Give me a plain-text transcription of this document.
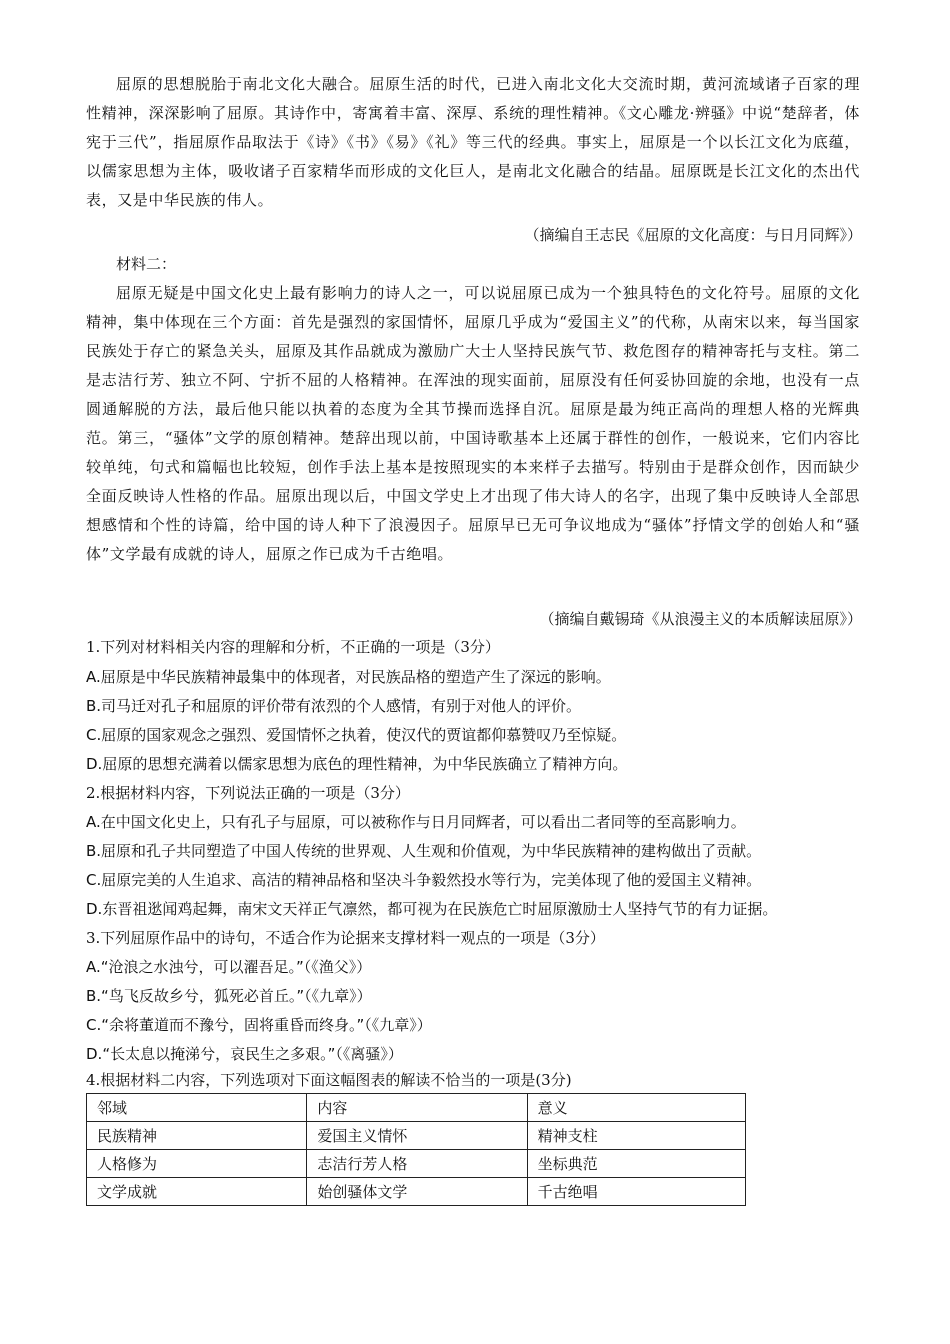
屈原的思想脱胎于南北文化大融合。屈原生活的时代，已进入南北文化大交流时期，黄河流域诸子百家的理性精神，深深影响了屈原。其诗作中，寄寓着丰富、深厚、系统的理性精神。《文心雕龙·辨骚》中说“楚辞者，体宪于三代”，指屈原作品取法于《诗》《书》《易》《礼》等三代的经典。事实上，屈原是一个以长江文化为底蕴，以儒家思想为主体，吸收诸子百家精华而形成的文化巨人，是南北文化融合的结晶。屈原既是长江文化的杰出代表，又是中华民族的伟人。

（摘编自王志民《屈原的文化高度：与日月同辉》）

材料二：

屈原无疑是中国文化史上最有影响力的诗人之一，可以说屈原已成为一个独具特色的文化符号。屈原的文化精神，集中体现在三个方面：首先是强烈的家国情怀，屈原几乎成为“爱国主义”的代称，从南宋以来，每当国家民族处于存亡的紧急关头，屈原及其作品就成为激励广大士人坚持民族气节、救危图存的精神寄托与支柱。第二是志洁行芳、独立不阿、宁折不屈的人格精神。在浑浊的现实面前，屈原没有任何妥协回旋的余地，也没有一点圆通解脱的方法，最后他只能以执着的态度为全其节操而选择自沉。屈原是最为纯正高尚的理想人格的光辉典范。第三，“骚体”文学的原创精神。楚辞出现以前，中国诗歌基本上还属于群性的创作，一般说来，它们内容比较单纯，句式和篇幅也比较短，创作手法上基本是按照现实的本来样子去描写。特别由于是群众创作，因而缺少全面反映诗人性格的作品。屈原出现以后，中国文学史上才出现了伟大诗人的名字，出现了集中反映诗人全部思想感情和个性的诗篇，给中国的诗人种下了浪漫因子。屈原早已无可争议地成为“骚体”抒情文学的创始人和“骚体”文学最有成就的诗人，屈原之作已成为千古绝唱。

（摘编自戴锡琦《从浪漫主义的本质解读屈原》）

1.下列对材料相关内容的理解和分析，不正确的一项是（3分）

A.屈原是中华民族精神最集中的体现者，对民族品格的塑造产生了深远的影响。

B.司马迁对孔子和屈原的评价带有浓烈的个人感情，有别于对他人的评价。

C.屈原的国家观念之强烈、爱国情怀之执着，使汉代的贾谊都仰慕赞叹乃至惊疑。

D.屈原的思想充满着以儒家思想为底色的理性精神，为中华民族确立了精神方向。

2.根据材料内容，下列说法正确的一项是（3分）

A.在中国文化史上，只有孔子与屈原，可以被称作与日月同辉者，可以看出二者同等的至高影响力。

B.屈原和孔子共同塑造了中国人传统的世界观、人生观和价值观，为中华民族精神的建构做出了贡献。

C.屈原完美的人生追求、高洁的精神品格和坚决斗争毅然投水等行为，完美体现了他的爱国主义精神。

D.东晋祖逖闻鸡起舞，南宋文天祥正气凛然，都可视为在民族危亡时屈原激励士人坚持气节的有力证据。

3.下列屈原作品中的诗句，不适合作为论据来支撑材料一观点的一项是（3分）

A.“沧浪之水浊兮，可以濯吾足。”（《渔父》）

B.“鸟飞反故乡兮，狐死必首丘。”（《九章》）

C.“余将董道而不豫兮，固将重昏而终身。”（《九章》）

D.“长太息以掩涕兮，哀民生之多艰。”（《离骚》）

4.根据材料二内容，下列选项对下面这幅图表的解读不恰当的一项是(3分)

邻域	内容	意义
民族精神	爱国主义情怀	精神支柱
人格修为	志洁行芳人格	坐标典范
文学成就	始创骚体文学	千古绝唱
